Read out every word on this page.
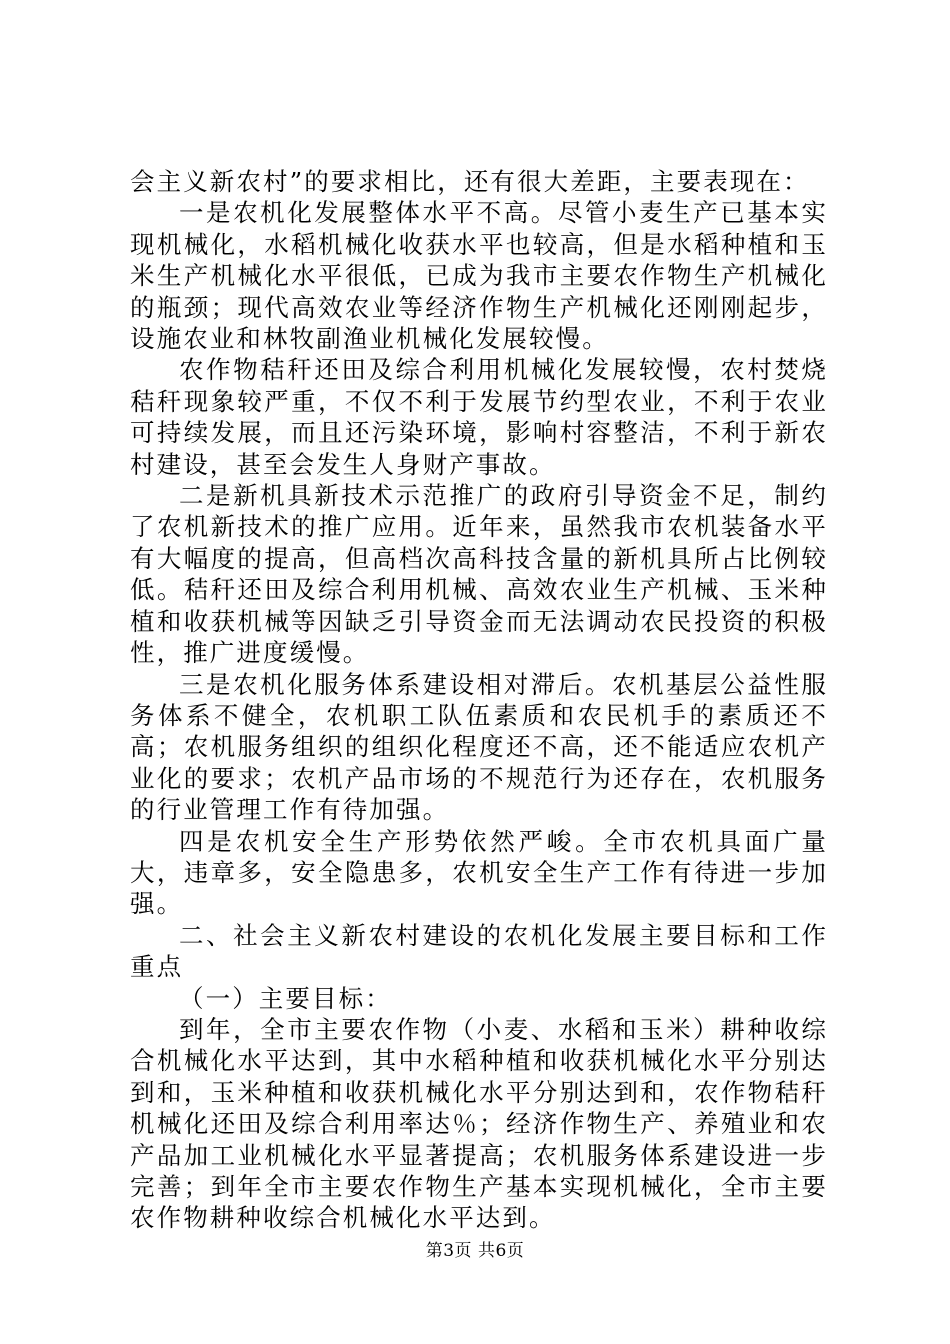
会主义新农村”的要求相比，还有很大差距，主要表现在：

一是农机化发展整体水平不高。尽管小麦生产已基本实现机械化，水稻机械化收获水平也较高，但是水稻种植和玉米生产机械化水平很低，已成为我市主要农作物生产机械化的瓶颈；现代高效农业等经济作物生产机械化还刚刚起步，设施农业和林牧副渔业机械化发展较慢。

农作物秸秆还田及综合利用机械化发展较慢，农村焚烧秸秆现象较严重，不仅不利于发展节约型农业，不利于农业可持续发展，而且还污染环境，影响村容整洁，不利于新农村建设，甚至会发生人身财产事故。

二是新机具新技术示范推广的政府引导资金不足，制约了农机新技术的推广应用。近年来，虽然我市农机装备水平有大幅度的提高，但高档次高科技含量的新机具所占比例较低。秸秆还田及综合利用机械、高效农业生产机械、玉米种植和收获机械等因缺乏引导资金而无法调动农民投资的积极性，推广进度缓慢。

三是农机化服务体系建设相对滞后。农机基层公益性服务体系不健全，农机职工队伍素质和农民机手的素质还不高；农机服务组织的组织化程度还不高，还不能适应农机产业化的要求；农机产品市场的不规范行为还存在，农机服务的行业管理工作有待加强。

四是农机安全生产形势依然严峻。全市农机具面广量大，违章多，安全隐患多，农机安全生产工作有待进一步加强。

二、社会主义新农村建设的农机化发展主要目标和工作重点

（一）主要目标：

到年，全市主要农作物（小麦、水稻和玉米）耕种收综合机械化水平达到，其中水稻种植和收获机械化水平分别达到和，玉米种植和收获机械化水平分别达到和，农作物秸秆机械化还田及综合利用率达％；经济作物生产、养殖业和农产品加工业机械化水平显著提高；农机服务体系建设进一步完善；到年全市主要农作物生产基本实现机械化，全市主要农作物耕种收综合机械化水平达到。

第3页 共6页
